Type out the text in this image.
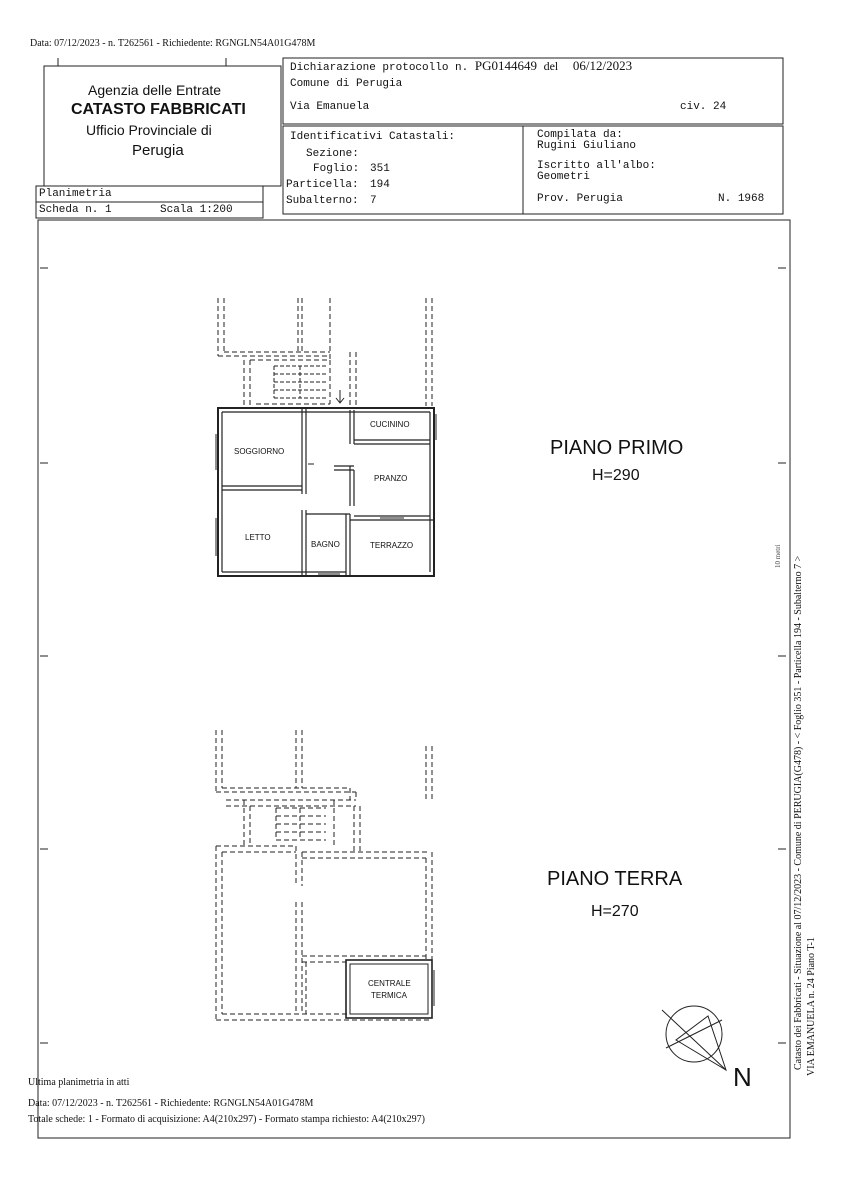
Data: 07/12/2023 - n. T262561 - Richiedente: RGNGLN54A01G478M
Agenzia delle Entrate
CATASTO FABBRICATI
Ufficio Provinciale di
Perugia
Dichiarazione protocollo n. PG0144649 del 06/12/2023
Comune di Perugia
Via Emanuela	civ. 24
Identificativi Catastali:
Sezione:
Foglio: 351
Particella: 194
Subalterno: 7
Compilata da:
Rugini Giuliano
Iscritto all'albo:
Geometri
Prov. Perugia	N. 1968
Planimetria
Scheda n. 1	Scala 1:200
PIANO PRIMO
H=290
PIANO TERRA
H=270
CUCININO
SOGGIORNO
PRANZO
LETTO
BAGNO	TERRAZZO
CENTRALE
TERMICA
N
Catasto dei Fabbricati - Situazione al 07/12/2023 - Comune di PERUGIA(G478) - < Foglio 351 - Particella 194 - Subalterno 7 > VIA EMANUELA n. 24 Piano T-1
10 metri
Ultima planimetria in atti
Data: 07/12/2023 - n. T262561 - Richiedente: RGNGLN54A01G478M
Totale schede: 1 - Formato di acquisizione: A4(210x297) - Formato stampa richiesto: A4(210x297)
